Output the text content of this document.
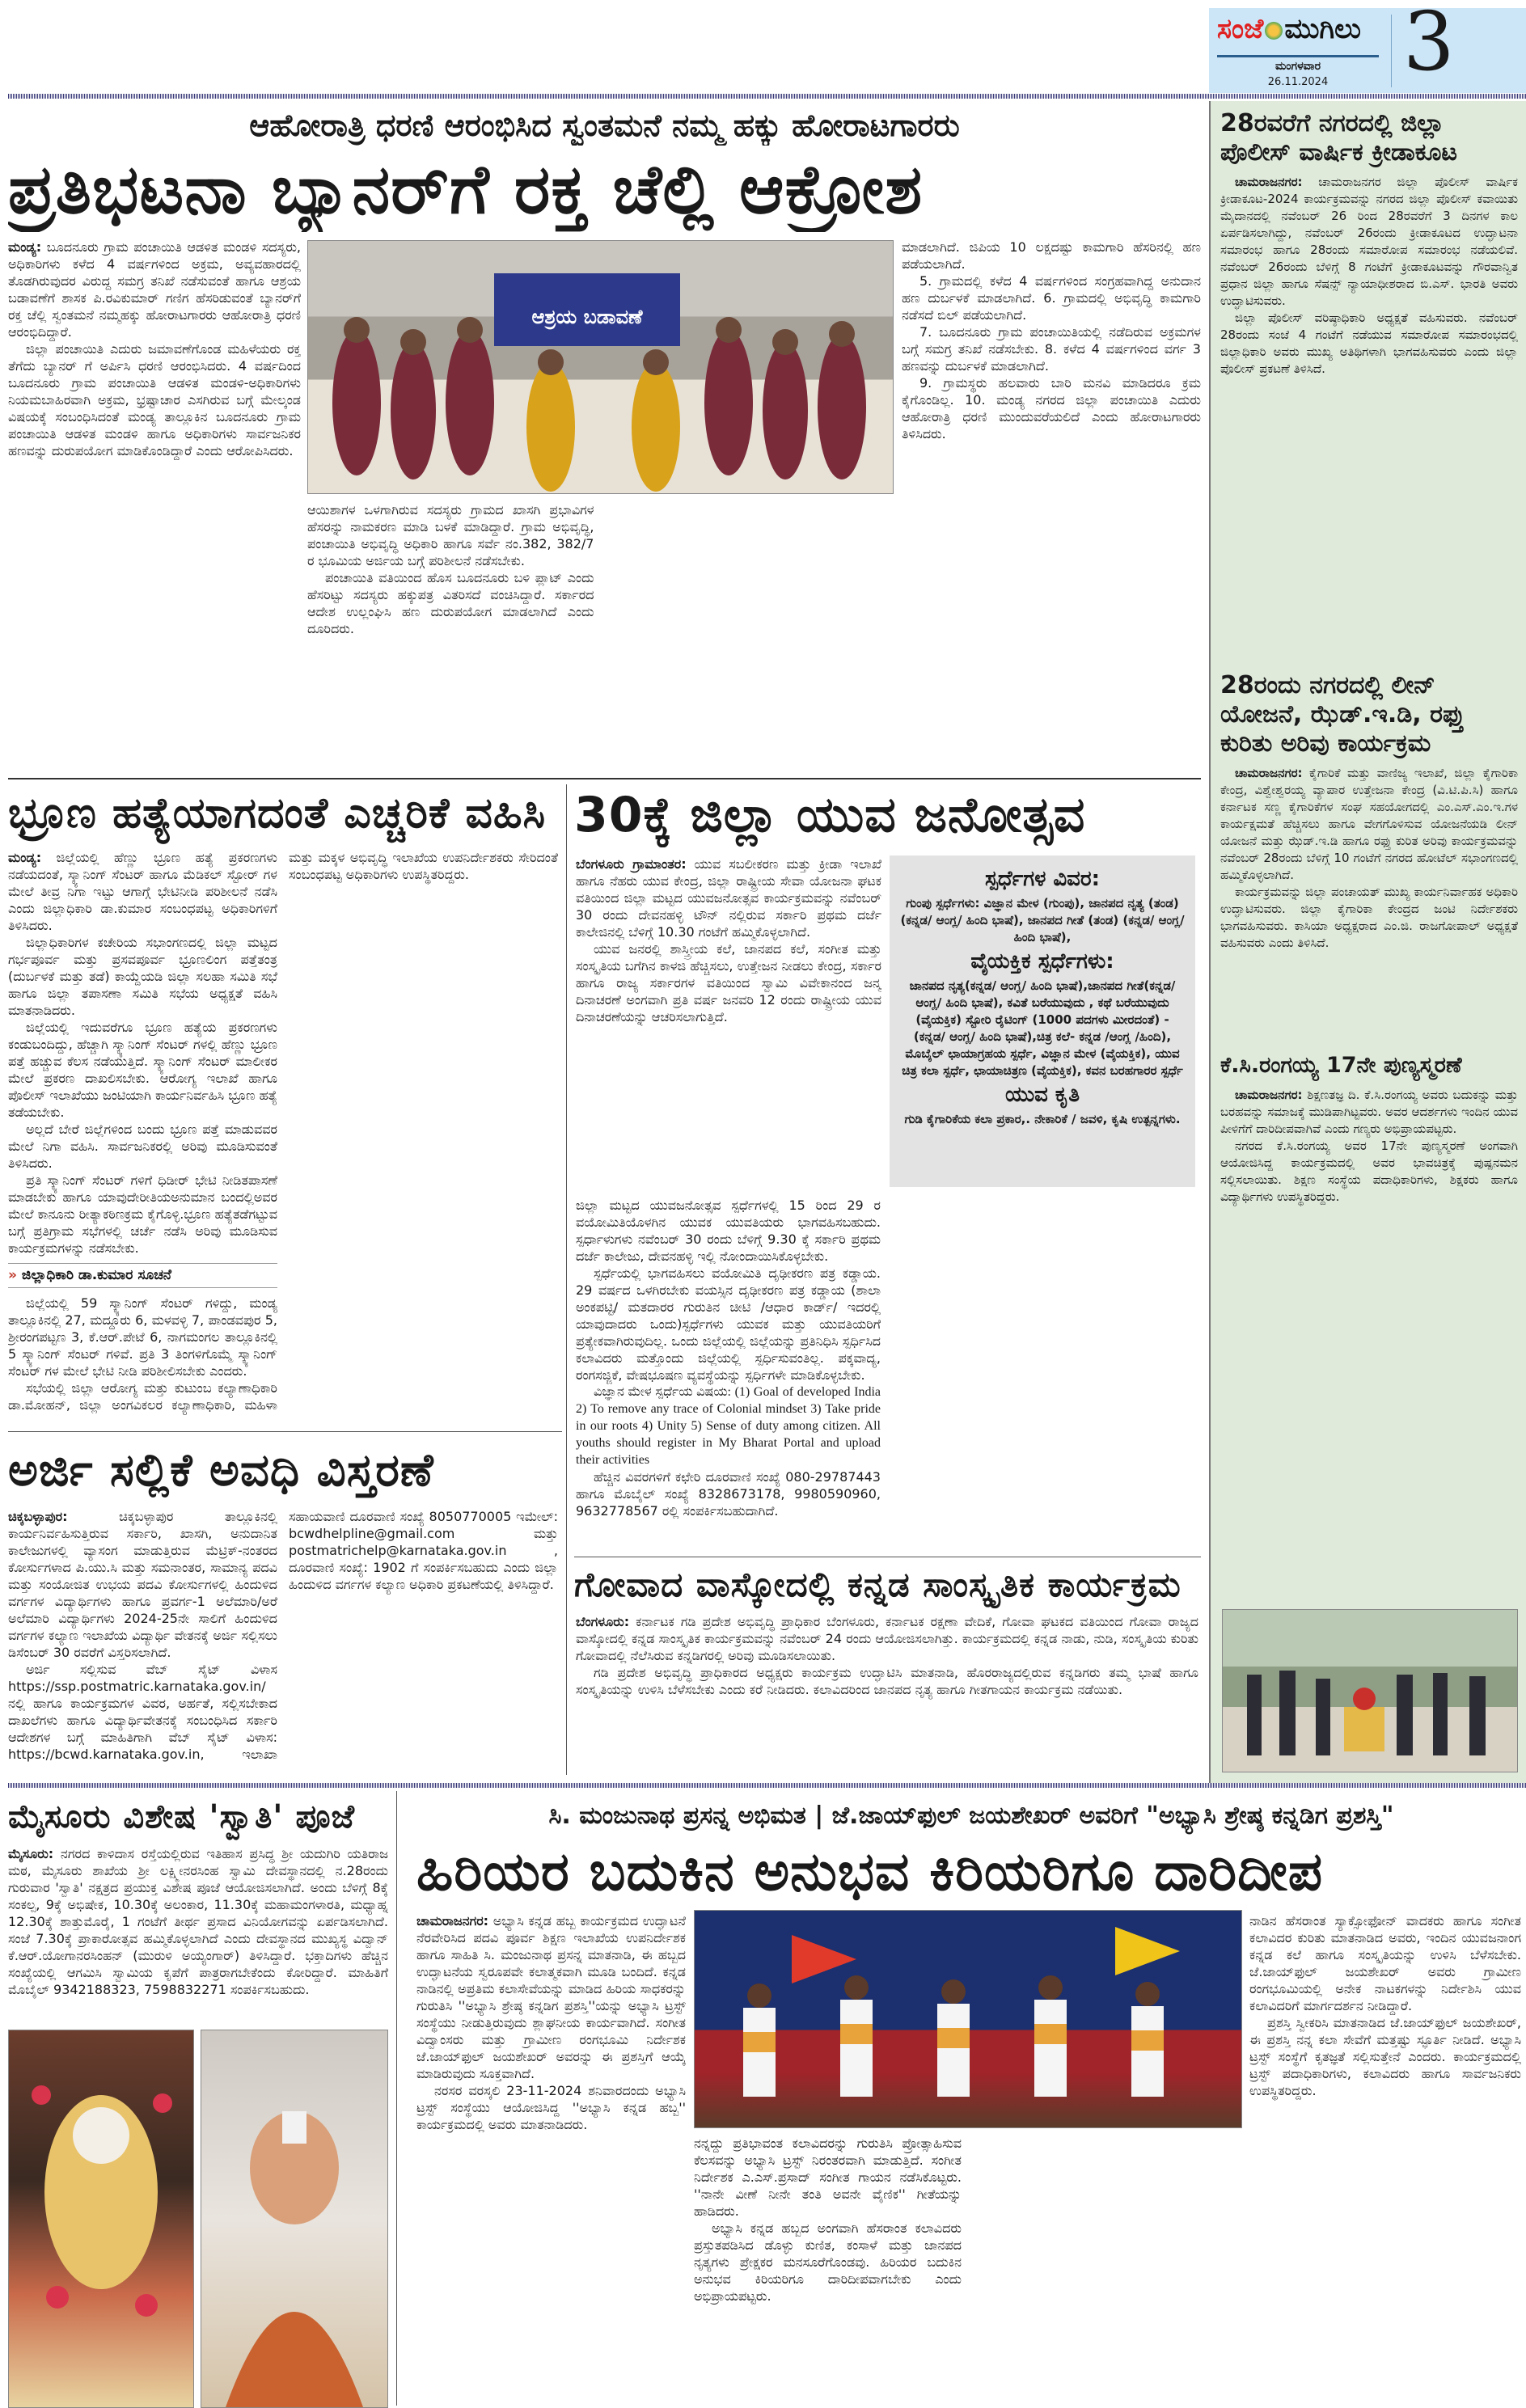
ಸಂಜೆ ಮುಗಿಲು
ಮಂಗಳವಾರ
26.11.2024 3
28ರವರೆಗೆ ನಗರದಲ್ಲಿ ಜಿಲ್ಲಾ ಪೊಲೀಸ್ ವಾರ್ಷಿಕ ಕ್ರೀಡಾಕೂಟ

ಚಾಮರಾಜನಗರ: ಚಾಮರಾಜನಗರ ಜಿಲ್ಲಾ ಪೊಲೀಸ್ ವಾರ್ಷಿಕ ಕ್ರೀಡಾಕೂಟ-2024 ಕಾರ್ಯಕ್ರಮವನ್ನು ನಗರದ ಜಿಲ್ಲಾ ಪೊಲೀಸ್ ಕವಾಯಿತು ಮೈದಾನದಲ್ಲಿ ನವೆಂಬರ್ 26 ರಿಂದ 28ರವರೆಗೆ 3 ದಿನಗಳ ಕಾಲ ಏರ್ಪಡಿಸಲಾಗಿದ್ದು, ನವೆಂಬರ್ 26ರಂದು ಕ್ರೀಡಾಕೂಟದ ಉದ್ಘಾಟನಾ ಸಮಾರಂಭ ಹಾಗೂ 28ರಂದು ಸಮಾರೋಪ ಸಮಾರಂಭ ನಡೆಯಲಿವೆ. ನವೆಂಬರ್ 26ರಂದು ಬೆಳಿಗ್ಗೆ 8 ಗಂಟೆಗೆ ಕ್ರೀಡಾಕೂಟವನ್ನು ಗೌರವಾನ್ವಿತ ಪ್ರಧಾನ ಜಿಲ್ಲಾ ಹಾಗೂ ಸೆಷನ್ಸ್ ನ್ಯಾಯಾಧೀಶರಾದ ಬಿ.ಎಸ್. ಭಾರತಿ ಅವರು ಉದ್ಘಾಟಿಸುವರು.

ಜಿಲ್ಲಾ ಪೊಲೀಸ್ ವರಿಷ್ಠಾಧಿಕಾರಿ ಅಧ್ಯಕ್ಷತೆ ವಹಿಸುವರು. ನವೆಂಬರ್ 28ರಂದು ಸಂಜೆ 4 ಗಂಟೆಗೆ ನಡೆಯುವ ಸಮಾರೋಪ ಸಮಾರಂಭದಲ್ಲಿ ಜಿಲ್ಲಾಧಿಕಾರಿ ಅವರು ಮುಖ್ಯ ಅತಿಥಿಗಳಾಗಿ ಭಾಗವಹಿಸುವರು ಎಂದು ಜಿಲ್ಲಾ ಪೊಲೀಸ್ ಪ್ರಕಟಣೆ ತಿಳಿಸಿದೆ.

28ರಂದು ನಗರದಲ್ಲಿ ಲೀನ್ ಯೋಜನೆ, ಝೆಡ್.ಇ.ಡಿ, ರಫ್ತು ಕುರಿತು ಅರಿವು ಕಾರ್ಯಕ್ರಮ

ಚಾಮರಾಜನಗರ: ಕೈಗಾರಿಕೆ ಮತ್ತು ವಾಣಿಜ್ಯ ಇಲಾಖೆ, ಜಿಲ್ಲಾ ಕೈಗಾರಿಕಾ ಕೇಂದ್ರ, ವಿಶ್ವೇಶ್ವರಯ್ಯ ವ್ಯಾಪಾರ ಉತ್ತೇಜನಾ ಕೇಂದ್ರ (ವಿ.ಟಿ.ಪಿ.ಸಿ) ಹಾಗೂ ಕರ್ನಾಟಕ ಸಣ್ಣ ಕೈಗಾರಿಕೆಗಳ ಸಂಘ ಸಹಯೋಗದಲ್ಲಿ ಎಂ.ಎಸ್.ಎಂ.ಇ.ಗಳ ಕಾರ್ಯಕ್ಷಮತೆ ಹೆಚ್ಚಿಸಲು ಹಾಗೂ ವೇಗಗೊಳಿಸುವ ಯೋಜನೆಯಡಿ ಲೀನ್ ಯೋಜನೆ ಮತ್ತು ಝೆಡ್.ಇ.ಡಿ ಹಾಗೂ ರಫ್ತು ಕುರಿತ ಅರಿವು ಕಾರ್ಯಕ್ರಮವನ್ನು ನವೆಂಬರ್ 28ರಂದು ಬೆಳಿಗ್ಗೆ 10 ಗಂಟೆಗೆ ನಗರದ ಹೋಟೆಲ್ ಸಭಾಂಗಣದಲ್ಲಿ ಹಮ್ಮಿಕೊಳ್ಳಲಾಗಿದೆ.

ಕಾರ್ಯಕ್ರಮವನ್ನು ಜಿಲ್ಲಾ ಪಂಚಾಯತ್ ಮುಖ್ಯ ಕಾರ್ಯನಿರ್ವಾಹಕ ಅಧಿಕಾರಿ ಉದ್ಘಾಟಿಸುವರು. ಜಿಲ್ಲಾ ಕೈಗಾರಿಕಾ ಕೇಂದ್ರದ ಜಂಟಿ ನಿರ್ದೇಶಕರು ಭಾಗವಹಿಸುವರು. ಕಾಸಿಯಾ ಅಧ್ಯಕ್ಷರಾದ ಎಂ.ಜಿ. ರಾಜಗೋಪಾಲ್ ಅಧ್ಯಕ್ಷತೆ ವಹಿಸುವರು ಎಂದು ತಿಳಿಸಿದೆ.

ಕೆ.ಸಿ.ರಂಗಯ್ಯ 17ನೇ ಪುಣ್ಯಸ್ಮರಣೆ

ಚಾಮರಾಜನಗರ: ಶಿಕ್ಷಣತಜ್ಞ ದಿ. ಕೆ.ಸಿ.ರಂಗಯ್ಯ ಅವರು ಬದುಕನ್ನು ಮತ್ತು ಬರಹವನ್ನು ಸಮಾಜಕ್ಕೆ ಮುಡಿಪಾಗಿಟ್ಟವರು. ಅವರ ಆದರ್ಶಗಳು ಇಂದಿನ ಯುವ ಪೀಳಿಗೆಗೆ ದಾರಿದೀಪವಾಗಿವೆ ಎಂದು ಗಣ್ಯರು ಅಭಿಪ್ರಾಯಪಟ್ಟರು.

ನಗರದ ಕೆ.ಸಿ.ರಂಗಯ್ಯ ಅವರ 17ನೇ ಪುಣ್ಯಸ್ಮರಣೆ ಅಂಗವಾಗಿ ಆಯೋಜಿಸಿದ್ದ ಕಾರ್ಯಕ್ರಮದಲ್ಲಿ ಅವರ ಭಾವಚಿತ್ರಕ್ಕೆ ಪುಷ್ಪನಮನ ಸಲ್ಲಿಸಲಾಯಿತು. ಶಿಕ್ಷಣ ಸಂಸ್ಥೆಯ ಪದಾಧಿಕಾರಿಗಳು, ಶಿಕ್ಷಕರು ಹಾಗೂ ವಿದ್ಯಾರ್ಥಿಗಳು ಉಪಸ್ಥಿತರಿದ್ದರು.

ಆಹೋರಾತ್ರಿ ಧರಣಿ ಆರಂಭಿಸಿದ ಸ್ವಂತಮನೆ ನಮ್ಮ ಹಕ್ಕು ಹೋರಾಟಗಾರರು
ಪ್ರತಿಭಟನಾ ಬ್ಯಾನರ್‌ಗೆ ರಕ್ತ ಚೆಲ್ಲಿ ಆಕ್ರೋಶ

ಮಂಡ್ಯ: ಬೂದನೂರು ಗ್ರಾಮ ಪಂಚಾಯಿತಿ ಆಡಳಿತ ಮಂಡಳಿ ಸದಸ್ಯರು, ಅಧಿಕಾರಿಗಳು ಕಳೆದ 4 ವರ್ಷಗಳಿಂದ ಅಕ್ರಮ, ಅವ್ಯವಹಾರದಲ್ಲಿ ತೊಡಗಿರುವುದರ ವಿರುದ್ದ ಸಮಗ್ರ ತನಿಖೆ ನಡೆಸುವಂತೆ ಹಾಗೂ ಆಶ್ರಯ ಬಡಾವಣೆಗೆ ಶಾಸಕ ಪಿ.ರವಿಕುಮಾರ್ ಗಣಿಗ ಹೆಸರಿಡುವಂತೆ ಬ್ಯಾನರ್‌ಗೆ ರಕ್ತ ಚೆಲ್ಲಿ ಸ್ವಂತಮನೆ ನಮ್ಮಹಕ್ಕು ಹೋರಾಟಗಾರರು ಆಹೋರಾತ್ರಿ ಧರಣಿ ಆರಂಭಿದಿದ್ದಾರೆ.

ಜಿಲ್ಲಾ ಪಂಚಾಯಿತಿ ಎದುರು ಜಮಾವಣೆಗೊಂಡ ಮಹಿಳೆಯರು ರಕ್ತ ತೆಗೆದು ಬ್ಯಾನರ್ ಗೆ ಅರ್ಪಿಸಿ ಧರಣಿ ಆರಂಭಿಸಿದರು. 4 ವರ್ಷದಿಂದ ಬೂದನೂರು ಗ್ರಾಮ ಪಂಚಾಯಿತಿ ಆಡಳಿತ ಮಂಡಳಿ-ಅಧಿಕಾರಿಗಳು ನಿಯಮಬಾಹಿರವಾಗಿ ಅಕ್ರಮ, ಭ್ರಷ್ಟಾಚಾರ ಎಸಗಿರುವ ಬಗ್ಗೆ ಮೇಲ್ಕಂಡ ವಿಷಯಕ್ಕೆ ಸಂಬಂಧಿಸಿದಂತೆ ಮಂಡ್ಯ ತಾಲ್ಲೂಕಿನ ಬೂದನೂರು ಗ್ರಾಮ ಪಂಚಾಯಿತಿ ಆಡಳಿತ ಮಂಡಳಿ ಹಾಗೂ ಅಧಿಕಾರಿಗಳು ಸಾರ್ವಜನಿಕರ ಹಣವನ್ನು ದುರುಪಯೋಗ ಮಾಡಿಕೊಂಡಿದ್ದಾರೆ ಎಂದು ಆರೋಪಿಸಿದರು.

ಆಶ್ರಯ ಬಡಾವಣೆ

ಆಯಿಶಾಗಳ ಒಳಗಾಗಿರುವ ಸದಸ್ಯರು ಗ್ರಾಮದ ಖಾಸಗಿ ಪ್ರಭಾವಿಗಳ ಹೆಸರನ್ನು ನಾಮಕರಣ ಮಾಡಿ ಬಳಕೆ ಮಾಡಿದ್ದಾರೆ. ಗ್ರಾಮ ಅಭಿವೃದ್ಧಿ, ಪಂಚಾಯಿತಿ ಅಭಿವೃದ್ಧಿ ಅಧಿಕಾರಿ ಹಾಗೂ ಸರ್ವೆ ನಂ.382, 382/7 ರ ಭೂಮಿಯ ಅರ್ಜಿಯ ಬಗ್ಗೆ ಪರಿಶೀಲನೆ ನಡೆಸಬೇಕು.

ಪಂಚಾಯಿತಿ ವತಿಯಿಂದ ಹೊಸ ಬೂದನೂರು ಬಳಿ ಪ್ಲಾಟ್ ಎಂದು ಹೆಸರಿಟ್ಟು ಸದಸ್ಯರು ಹಕ್ಕುಪತ್ರ ವಿತರಿಸದೆ ವಂಚಿಸಿದ್ದಾರೆ. ಸರ್ಕಾರದ ಆದೇಶ ಉಲ್ಲಂಘಿಸಿ ಹಣ ದುರುಪಯೋಗ ಮಾಡಲಾಗಿದೆ ಎಂದು ದೂರಿದರು.

ಮಾಡಲಾಗಿದೆ. ಜಿಪಿಯ 10 ಲಕ್ಷದಷ್ಟು ಕಾಮಗಾರಿ ಹೆಸರಿನಲ್ಲಿ ಹಣ ಪಡೆಯಲಾಗಿದೆ.

5. ಗ್ರಾಮದಲ್ಲಿ ಕಳೆದ 4 ವರ್ಷಗಳಿಂದ ಸಂಗ್ರಹವಾಗಿದ್ದ ಅನುದಾನ ಹಣ ದುರ್ಬಳಕೆ ಮಾಡಲಾಗಿದೆ. 6. ಗ್ರಾಮದಲ್ಲಿ ಅಭಿವೃದ್ಧಿ ಕಾಮಗಾರಿ ನಡೆಸದೆ ಬಿಲ್ ಪಡೆಯಲಾಗಿದೆ.

7. ಬೂದನೂರು ಗ್ರಾಮ ಪಂಚಾಯಿತಿಯಲ್ಲಿ ನಡೆದಿರುವ ಅಕ್ರಮಗಳ ಬಗ್ಗೆ ಸಮಗ್ರ ತನಿಖೆ ನಡೆಸಬೇಕು. 8. ಕಳೆದ 4 ವರ್ಷಗಳಿಂದ ವರ್ಗ 3 ಹಣವನ್ನು ದುರ್ಬಳಕೆ ಮಾಡಲಾಗಿದೆ.

9. ಗ್ರಾಮಸ್ಥರು ಹಲವಾರು ಬಾರಿ ಮನವಿ ಮಾಡಿದರೂ ಕ್ರಮ ಕೈಗೊಂಡಿಲ್ಲ. 10. ಮಂಡ್ಯ ನಗರದ ಜಿಲ್ಲಾ ಪಂಚಾಯಿತಿ ಎದುರು ಆಹೋರಾತ್ರಿ ಧರಣಿ ಮುಂದುವರೆಯಲಿದೆ ಎಂದು ಹೋರಾಟಗಾರರು ತಿಳಿಸಿದರು.

ಭ್ರೂಣ ಹತ್ಯೆಯಾಗದಂತೆ ಎಚ್ಚರಿಕೆ ವಹಿಸಿ

ಮಂಡ್ಯ: ಜಿಲ್ಲೆಯಲ್ಲಿ ಹೆಣ್ಣು ಭ್ರೂಣ ಹತ್ಯೆ ಪ್ರಕರಣಗಳು ನಡೆಯದಂತೆ, ಸ್ಕ್ಯಾನಿಂಗ್ ಸೆಂಟರ್ ಹಾಗೂ ಮೆಡಿಕಲ್ ಸ್ಟೋರ್ ಗಳ ಮೇಲೆ ತೀವ್ರ ನಿಗಾ ಇಟ್ಟು ಆಗಾಗ್ಗೆ ಭೇಟಿನೀಡಿ ಪರಿಶೀಲನೆ ನಡೆಸಿ ಎಂದು ಜಿಲ್ಲಾಧಿಕಾರಿ ಡಾ.ಕುಮಾರ ಸಂಬಂಧಪಟ್ಟ ಅಧಿಕಾರಿಗಳಿಗೆ ತಿಳಿಸಿದರು.

ಜಿಲ್ಲಾಧಿಕಾರಿಗಳ ಕಚೇರಿಯ ಸಭಾಂಗಣದಲ್ಲಿ ಜಿಲ್ಲಾ ಮಟ್ಟದ ಗರ್ಭಪೂರ್ವ ಮತ್ತು ಪ್ರಸವಪೂರ್ವ ಭ್ರೂಣಲಿಂಗ ಪತ್ತೆತಂತ್ರ (ದುರ್ಬಳಕೆ ಮತ್ತು ತಡೆ) ಕಾಯ್ದೆಯಡಿ ಜಿಲ್ಲಾ ಸಲಹಾ ಸಮಿತಿ ಸಭೆ ಹಾಗೂ ಜಿಲ್ಲಾ ತಪಾಸಣಾ ಸಮಿತಿ ಸಭೆಯ ಅಧ್ಯಕ್ಷತೆ ವಹಿಸಿ ಮಾತನಾಡಿದರು.

ಜಿಲ್ಲೆಯಲ್ಲಿ ಇದುವರೆಗೂ ಭ್ರೂಣ ಹತ್ಯೆಯ ಪ್ರಕರಣಗಳು ಕಂಡುಬಂದಿದ್ದು, ಹೆಚ್ಚಾಗಿ ಸ್ಕ್ಯಾನಿಂಗ್ ಸೆಂಟರ್ ಗಳಲ್ಲಿ ಹೆಣ್ಣು ಭ್ರೂಣ ಪತ್ತೆ ಹಚ್ಚುವ ಕೆಲಸ ನಡೆಯುತ್ತಿದೆ. ಸ್ಕ್ಯಾನಿಂಗ್ ಸೆಂಟರ್ ಮಾಲೀಕರ ಮೇಲೆ ಪ್ರಕರಣ ದಾಖಲಿಸಬೇಕು. ಆರೋಗ್ಯ ಇಲಾಖೆ ಹಾಗೂ ಪೊಲೀಸ್ ಇಲಾಖೆಯು ಜಂಟಿಯಾಗಿ ಕಾರ್ಯನಿರ್ವಹಿಸಿ ಭ್ರೂಣ ಹತ್ಯೆ ತಡೆಯಬೇಕು.

ಅಲ್ಲದೆ ಬೇರೆ ಜಿಲ್ಲೆಗಳಿಂದ ಬಂದು ಭ್ರೂಣ ಪತ್ತೆ ಮಾಡುವವರ ಮೇಲೆ ನಿಗಾ ವಹಿಸಿ. ಸಾರ್ವಜನಿಕರಲ್ಲಿ ಅರಿವು ಮೂಡಿಸುವಂತೆ ತಿಳಿಸಿದರು.

ಪ್ರತಿ ಸ್ಕ್ಯಾನಿಂಗ್ ಸೆಂಟರ್ ಗಳಿಗೆ ಧಿಡೀರ್ ಭೇಟಿ ನೀಡಿತಪಾಸಣೆ ಮಾಡಬೇಕು ಹಾಗೂ ಯಾವುದೇರೀತಿಯಅನುಮಾನ ಬಂದಲ್ಲಿಅವರ ಮೇಲೆ ಕಾನೂನು ರೀತ್ಯಾಕಠಿಣಕ್ರಮ ಕೈಗೊಳ್ಳಿ.ಭ್ರೂಣ ಹತ್ಯೆತಡೆಗಟ್ಟುವ ಬಗ್ಗೆ ಪ್ರತಿಗ್ರಾಮ ಸಭೆಗಳಲ್ಲಿ ಚರ್ಚೆ ನಡೆಸಿ ಅರಿವು ಮೂಡಿಸುವ ಕಾರ್ಯಕ್ರಮಗಳನ್ನು ನಡೆಸಬೇಕು.

» ಜಿಲ್ಲಾಧಿಕಾರಿ ಡಾ.ಕುಮಾರ ಸೂಚನೆ

ಜಿಲ್ಲೆಯಲ್ಲಿ 59 ಸ್ಕ್ಯಾನಿಂಗ್ ಸೆಂಟರ್ ಗಳಿದ್ದು, ಮಂಡ್ಯ ತಾಲ್ಲೂಕಿನಲ್ಲಿ 27, ಮದ್ದೂರು 6, ಮಳವಳ್ಳಿ 7, ಪಾಂಡವಪುರ 5, ಶ್ರೀರಂಗಪಟ್ಟಣ 3, ಕೆ.ಆರ್.ಪೇಟೆ 6, ನಾಗಮಂಗಲ ತಾಲ್ಲೂಕಿನಲ್ಲಿ 5 ಸ್ಕ್ಯಾನಿಂಗ್ ಸೆಂಟರ್ ಗಳಿವೆ. ಪ್ರತಿ 3 ತಿಂಗಳಿಗೊಮ್ಮೆ ಸ್ಕ್ಯಾನಿಂಗ್ ಸೆಂಟರ್ ಗಳ ಮೇಲೆ ಭೇಟಿ ನೀಡಿ ಪರಿಶೀಲಿಸಬೇಕು ಎಂದರು.

ಸಭೆಯಲ್ಲಿ ಜಿಲ್ಲಾ ಆರೋಗ್ಯ ಮತ್ತು ಕುಟುಂಬ ಕಲ್ಯಾಣಾಧಿಕಾರಿ ಡಾ.ಮೋಹನ್, ಜಿಲ್ಲಾ ಅಂಗವಿಕಲರ ಕಲ್ಯಾಣಾಧಿಕಾರಿ, ಮಹಿಳಾ ಮತ್ತು ಮಕ್ಕಳ ಅಭಿವೃದ್ಧಿ ಇಲಾಖೆಯ ಉಪನಿರ್ದೇಶಕರು ಸೇರಿದಂತೆ ಸಂಬಂಧಪಟ್ಟ ಅಧಿಕಾರಿಗಳು ಉಪಸ್ಥಿತರಿದ್ದರು.

ಅರ್ಜಿ ಸಲ್ಲಿಕೆ ಅವಧಿ ವಿಸ್ತರಣೆ

ಚಿಕ್ಕಬಳ್ಳಾಪುರ:	ಚಿಕ್ಕಬಳ್ಳಾಪುರ ತಾಲ್ಲೂಕಿನಲ್ಲಿ ಕಾರ್ಯನಿರ್ವಹಿಸುತ್ತಿರುವ ಸರ್ಕಾರಿ, ಖಾಸಗಿ, ಅನುದಾನಿತ ಕಾಲೇಜುಗಳಲ್ಲಿ ವ್ಯಾಸಂಗ ಮಾಡುತ್ತಿರುವ ಮೆಟ್ರಿಕ್-ನಂತರದ ಕೋರ್ಸುಗಳಾದ ಪಿ.ಯು.ಸಿ ಮತ್ತು ಸಮನಾಂತರ, ಸಾಮಾನ್ಯ ಪದವಿ ಮತ್ತು ಸಂಯೋಜಿತ ಉಭಯ ಪದವಿ ಕೋರ್ಸುಗಳಲ್ಲಿ ಹಿಂದುಳಿದ ವರ್ಗಗಳ ವಿದ್ಯಾರ್ಥಿಗಳು ಹಾಗೂ ಪ್ರವರ್ಗ-1 ಅಲೆಮಾರಿ/ಅರೆ ಅಲೆಮಾರಿ ವಿದ್ಯಾರ್ಥಿಗಳು 2024-25ನೇ ಸಾಲಿಗೆ ಹಿಂದುಳಿದ ವರ್ಗಗಳ ಕಲ್ಯಾಣ ಇಲಾಖೆಯ ವಿದ್ಯಾರ್ಥಿ ವೇತನಕ್ಕೆ ಅರ್ಜಿ ಸಲ್ಲಿಸಲು ಡಿಸೆಂಬರ್ 30 ರವರೆಗೆ ವಿಸ್ತರಿಸಲಾಗಿದೆ.

ಅರ್ಜಿ ಸಲ್ಲಿಸುವ ವೆಬ್ ಸೈಟ್ ವಿಳಾಸ https://ssp.postmatric.karnataka.gov.in/ ನಲ್ಲಿ ಹಾಗೂ ಕಾರ್ಯಕ್ರಮಗಳ ವಿವರ, ಅರ್ಹತೆ, ಸಲ್ಲಿಸಬೇಕಾದ ದಾಖಲೆಗಳು ಹಾಗೂ ವಿದ್ಯಾರ್ಥಿವೇತನಕ್ಕೆ ಸಂಬಂಧಿಸಿದ ಸರ್ಕಾರಿ ಆದೇಶಗಳ ಬಗ್ಗೆ ಮಾಹಿತಿಗಾಗಿ ವೆಬ್ ಸೈಟ್ ವಿಳಾಸ: https://bcwd.karnataka.gov.in, ಇಲಾಖಾ ಸಹಾಯವಾಣಿ ದೂರವಾಣಿ ಸಂಖ್ಯೆ 8050770005 ಇಮೇಲ್: bcwdhelpline@gmail.com ಮತ್ತು postmatrichelp@karnataka.gov.in , ದೂರವಾಣಿ ಸಂಖ್ಯೆ: 1902 ಗೆ ಸಂಪರ್ಕಿಸಬಹುದು ಎಂದು ಜಿಲ್ಲಾ ಹಿಂದುಳಿದ ವರ್ಗಗಳ ಕಲ್ಯಾಣ ಅಧಿಕಾರಿ ಪ್ರಕಟಣೆಯಲ್ಲಿ ತಿಳಿಸಿದ್ದಾರೆ.

30ಕ್ಕೆ ಜಿಲ್ಲಾ ಯುವ ಜನೋತ್ಸವ
ಸ್ಪರ್ಧೆಗಳ ವಿವರ:
ಗುಂಪು ಸ್ಪರ್ಧೆಗಳು: ವಿಜ್ಞಾನ ಮೇಳ (ಗುಂಪು), ಜಾನಪದ ನೃತ್ಯ (ತಂಡ) (ಕನ್ನಡ/ ಆಂಗ್ಲ/ ಹಿಂದಿ ಭಾಷೆ), ಜಾನಪದ ಗೀತೆ (ತಂಡ) (ಕನ್ನಡ/ ಆಂಗ್ಲ/ ಹಿಂದಿ ಭಾಷೆ),
ವೈಯಕ್ತಿಕ ಸ್ಪರ್ಧೆಗಳು:
ಜಾನಪದ ನೃತ್ಯ(ಕನ್ನಡ/ ಆಂಗ್ಲ/ ಹಿಂದಿ ಭಾಷೆ),ಜಾನಪದ ಗೀತೆ(ಕನ್ನಡ/ ಆಂಗ್ಲ/ ಹಿಂದಿ ಭಾಷೆ), ಕವಿತೆ ಬರೆಯುವುದು , ಕಥೆ ಬರೆಯುವುದು (ವೈಯಕ್ತಿಕ) ಸ್ಟೋರಿ ರೈಟಿಂಗ್ (1000 ಪದಗಳು ಮೀರದಂತೆ) - (ಕನ್ನಡ/ ಆಂಗ್ಲ/ ಹಿಂದಿ ಭಾಷೆ),ಚಿತ್ರ ಕಲೆ- ಕನ್ನಡ /ಆಂಗ್ಲ /ಹಿಂದಿ), ಮೊಬೈಲ್ ಛಾಯಾಗ್ರಹಯ ಸ್ಪರ್ಧೆ, ವಿಜ್ಞಾನ ಮೇಳ (ವೈಯಕ್ತಿಕ), ಯುವ ಚಿತ್ರ ಕಲಾ ಸ್ಪರ್ಧೆ, ಛಾಯಾಚಿತ್ರಣ (ವೈಯಕ್ತಿಕ), ಕವನ ಬರಹಗಾರರ ಸ್ಪರ್ಧೆ
ಯುವ ಕೃತಿ
ಗುಡಿ ಕೈಗಾರಿಕೆಯ ಕಲಾ ಪ್ರಕಾರ,. ನೇಕಾರಿಕೆ / ಜವಳಿ, ಕೃಷಿ ಉತ್ಪನ್ನಗಳು.

ಬೆಂಗಳೂರು ಗ್ರಾಮಾಂತರ: ಯುವ ಸಬಲೀಕರಣ ಮತ್ತು ಕ್ರೀಡಾ ಇಲಾಖೆ ಹಾಗೂ ನೆಹರು ಯುವ ಕೇಂದ್ರ, ಜಿಲ್ಲಾ ರಾಷ್ಟ್ರೀಯ ಸೇವಾ ಯೋಜನಾ ಘಟಕ ವತಿಯಿಂದ ಜಿಲ್ಲಾ ಮಟ್ಟದ ಯುವಜನೋತ್ಸವ ಕಾರ್ಯಕ್ರಮವನ್ನು ನವೆಂಬರ್ 30 ರಂದು ದೇವನಹಳ್ಳಿ ಟೌನ್ ನಲ್ಲಿರುವ ಸರ್ಕಾರಿ ಪ್ರಥಮ ದರ್ಜೆ ಕಾಲೇಜಿನಲ್ಲಿ ಬೆಳಿಗ್ಗೆ 10.30 ಗಂಟೆಗೆ ಹಮ್ಮಿಕೊಳ್ಳಲಾಗಿದೆ.

ಯುವ ಜನರಲ್ಲಿ ಶಾಸ್ತ್ರೀಯ ಕಲೆ, ಜಾನಪದ ಕಲೆ, ಸಂಗೀತ ಮತ್ತು ಸಂಸ್ಕೃತಿಯ ಬಗೆಗಿನ ಕಾಳಜಿ ಹೆಚ್ಚಿಸಲು, ಉತ್ತೇಜನ ನೀಡಲು ಕೇಂದ್ರ, ಸರ್ಕಾರ ಹಾಗೂ ರಾಜ್ಯ ಸರ್ಕಾರಗಳ ವತಿಯಿಂದ ಸ್ವಾಮಿ ವಿವೇಕಾನಂದ ಜನ್ಮ ದಿನಾಚರಣೆ ಅಂಗವಾಗಿ ಪ್ರತಿ ವರ್ಷ ಜನವರಿ 12 ರಂದು ರಾಷ್ಟ್ರೀಯ ಯುವ ದಿನಾಚರಣೆಯನ್ನು ಆಚರಿಸಲಾಗುತ್ತಿದೆ.

ಜಿಲ್ಲಾ ಮಟ್ಟದ ಯುವಜನೋತ್ಸವ ಸ್ಪರ್ಧೆಗಳಲ್ಲಿ 15 ರಿಂದ 29 ರ ವಯೋಮಿತಿಯೊಳಗಿನ ಯುವಕ ಯುವತಿಯರು ಭಾಗವಹಿಸಬಹುದು. ಸ್ಪರ್ಧಾಳುಗಳು ನವೆಂಬರ್ 30 ರಂದು ಬೆಳಿಗ್ಗೆ 9.30 ಕ್ಕೆ ಸರ್ಕಾರಿ ಪ್ರಥಮ ದರ್ಜೆ ಕಾಲೇಜು, ದೇವನಹಳ್ಳಿ ಇಲ್ಲಿ ನೋಂದಾಯಿಸಿಕೊಳ್ಳಬೇಕು.

ಸ್ಪರ್ಧೆಯಲ್ಲಿ ಭಾಗವಹಿಸಲು ವಯೋಮಿತಿ ದೃಢೀಕರಣ ಪತ್ರ ಕಡ್ಡಾಯ. 29 ವರ್ಷದ ಒಳಗಿರಬೇಕು ವಯಸ್ಸಿನ ದೃಢೀಕರಣ ಪತ್ರ ಕಡ್ಡಾಯ (ಶಾಲಾ ಅಂಕಪಟ್ಟಿ/ ಮತದಾರರ ಗುರುತಿನ ಚೀಟಿ /ಆಧಾರ ಕಾರ್ಡ್/ ಇದರಲ್ಲಿ ಯಾವುದಾದರು ಒಂದು)ಸ್ಪರ್ಧೆಗಳು ಯುವಕ ಮತ್ತು ಯುವತಿಯರಿಗೆ ಪ್ರತ್ಯೇಕವಾಗಿರುವುದಿಲ್ಲ. ಒಂದು ಜಿಲ್ಲೆಯಲ್ಲಿ ಜಿಲ್ಲೆಯನ್ನು ಪ್ರತಿನಿಧಿಸಿ ಸ್ಪರ್ಧಿಸಿದ ಕಲಾವಿದರು ಮತ್ತೊಂದು ಜಿಲ್ಲೆಯಲ್ಲಿ ಸ್ಪರ್ಧಿಸುವಂತಿಲ್ಲ. ಪಕ್ಕವಾದ್ಯ, ರಂಗಸಜ್ಜಿಕೆ, ವೇಷಭೂಷಣ ವ್ಯವಸ್ಥೆಯನ್ನು ಸ್ಪರ್ಧಿಗಳೇ ಮಾಡಿಕೊಳ್ಳಬೇಕು.

ವಿಜ್ಞಾನ ಮೇಳ ಸ್ಪರ್ಧೆಯ ವಿಷಯ: (1) Goal of developed India 2) To remove any trace of Colonial mindset 3) Take pride in our roots 4) Unity 5) Sense of duty among citizen. All youths should register in My Bharat Portal and upload their activities

ಹೆಚ್ಚಿನ ವಿವರಗಳಿಗೆ ಕಛೇರಿ ದೂರವಾಣಿ ಸಂಖ್ಯೆ 080-29787443 ಹಾಗೂ ಮೊಬೈಲ್ ಸಂಖ್ಯೆ 8328673178, 9980590960, 9632778567 ರಲ್ಲಿ ಸಂಪರ್ಕಿಸಬಹುದಾಗಿದೆ.

ಗೋವಾದ ವಾಸ್ಕೋದಲ್ಲಿ ಕನ್ನಡ ಸಾಂಸ್ಕೃತಿಕ ಕಾರ್ಯಕ್ರಮ

ಬೆಂಗಳೂರು: ಕರ್ನಾಟಕ ಗಡಿ ಪ್ರದೇಶ ಅಭಿವೃದ್ಧಿ ಪ್ರಾಧಿಕಾರ ಬೆಂಗಳೂರು, ಕರ್ನಾಟಕ ರಕ್ಷಣಾ ವೇದಿಕೆ, ಗೋವಾ ಘಟಕದ ವತಿಯಿಂದ ಗೋವಾ ರಾಜ್ಯದ ವಾಸ್ಕೋದಲ್ಲಿ ಕನ್ನಡ ಸಾಂಸ್ಕೃತಿಕ ಕಾರ್ಯಕ್ರಮವನ್ನು ನವೆಂಬರ್ 24 ರಂದು ಆಯೋಜಿಸಲಾಗಿತ್ತು. ಕಾರ್ಯಕ್ರಮದಲ್ಲಿ ಕನ್ನಡ ನಾಡು, ನುಡಿ, ಸಂಸ್ಕೃತಿಯ ಕುರಿತು ಗೋವಾದಲ್ಲಿ ನೆಲೆಸಿರುವ ಕನ್ನಡಿಗರಲ್ಲಿ ಅರಿವು ಮೂಡಿಸಲಾಯಿತು.

ಗಡಿ ಪ್ರದೇಶ ಅಭಿವೃದ್ಧಿ ಪ್ರಾಧಿಕಾರದ ಅಧ್ಯಕ್ಷರು ಕಾರ್ಯಕ್ರಮ ಉದ್ಘಾಟಿಸಿ ಮಾತನಾಡಿ, ಹೊರರಾಜ್ಯದಲ್ಲಿರುವ ಕನ್ನಡಿಗರು ತಮ್ಮ ಭಾಷೆ ಹಾಗೂ ಸಂಸ್ಕೃತಿಯನ್ನು ಉಳಿಸಿ ಬೆಳೆಸಬೇಕು ಎಂದು ಕರೆ ನೀಡಿದರು. ಕಲಾವಿದರಿಂದ ಜಾನಪದ ನೃತ್ಯ ಹಾಗೂ ಗೀತಗಾಯನ ಕಾರ್ಯಕ್ರಮ ನಡೆಯಿತು.

ಮೈಸೂರು ವಿಶೇಷ 'ಸ್ವಾತಿ' ಪೂಜೆ

ಮೈಸೂರು: ನಗರದ ಕಾಳಿದಾಸ ರಸ್ತೆಯಲ್ಲಿರುವ ಇತಿಹಾಸ ಪ್ರಸಿದ್ಧ ಶ್ರೀ ಯದುಗಿರಿ ಯತಿರಾಜ ಮಠ, ಮೈಸೂರು ಶಾಖೆಯ ಶ್ರೀ ಲಕ್ಷ್ಮೀನರಸಿಂಹ ಸ್ವಾಮಿ ದೇವಸ್ಥಾನದಲ್ಲಿ ನ.28ರಂದು ಗುರುವಾರ 'ಸ್ವಾತಿ' ನಕ್ಷತ್ರದ ಪ್ರಯುಕ್ತ ವಿಶೇಷ ಪೂಜೆ ಆಯೋಜಿಸಲಾಗಿದೆ. ಅಂದು ಬೆಳಿಗ್ಗೆ 8ಕ್ಕೆ ಸಂಕಲ್ಪ, 9ಕ್ಕೆ ಅಭಿಷೇಕ, 10.30ಕ್ಕೆ ಅಲಂಕಾರ, 11.30ಕ್ಕೆ ಮಹಾಮಂಗಳಾರತಿ, ಮಧ್ಯಾಹ್ನ 12.30ಕ್ಕೆ ಶಾತ್ತುಮೊರೈ, 1 ಗಂಟೆಗೆ ತೀರ್ಥ ಪ್ರಸಾದ ವಿನಿಯೋಗವನ್ನು ಏರ್ಪಡಿಸಲಾಗಿದೆ. ಸಂಜೆ 7.30ಕ್ಕೆ ಪ್ರಾಕಾರೋತ್ಸವ ಹಮ್ಮಿಕೊಳ್ಳಲಾಗಿದೆ ಎಂದು ದೇವಸ್ಥಾನದ ಮುಖ್ಯಸ್ಥ ವಿದ್ವಾನ್ ಕೆ.ಆರ್.ಯೋಗಾನರಸಿಂಹನ್ (ಮುರುಳಿ ಅಯ್ಯಂಗಾರ್) ತಿಳಿಸಿದ್ದಾರೆ. ಭಕ್ತಾದಿಗಳು ಹೆಚ್ಚಿನ ಸಂಖ್ಯೆಯಲ್ಲಿ ಆಗಮಿಸಿ ಸ್ವಾಮಿಯ ಕೃಪೆಗೆ ಪಾತ್ರರಾಗಬೇಕೆಂದು ಕೋರಿದ್ದಾರೆ. ಮಾಹಿತಿಗೆ ಮೊಬೈಲ್ 9342188323, 7598832271 ಸಂಪರ್ಕಿಸಬಹುದು.

ಸಿ. ಮಂಜುನಾಥ ಪ್ರಸನ್ನ ಅಭಿಮತ | ಜೆ.ಜಾಯ್‌ಫುಲ್ ಜಯಶೇಖರ್ ಅವರಿಗೆ "ಅಭ್ಯಾಸಿ ಶ್ರೇಷ್ಠ ಕನ್ನಡಿಗ ಪ್ರಶಸ್ತಿ"
ಹಿರಿಯರ ಬದುಕಿನ ಅನುಭವ ಕಿರಿಯರಿಗೂ ದಾರಿದೀಪ

ಚಾಮರಾಜನಗರ: ಅಭ್ಯಾಸಿ ಕನ್ನಡ ಹಬ್ಬ ಕಾರ್ಯಕ್ರಮದ ಉದ್ಘಾಟನೆ ನೆರವೇರಿಸಿದ ಪದವಿ ಪೂರ್ವ ಶಿಕ್ಷಣ ಇಲಾಖೆಯ ಉಪನಿರ್ದೇಶಕ ಹಾಗೂ ಸಾಹಿತಿ ಸಿ. ಮಂಜುನಾಥ ಪ್ರಸನ್ನ ಮಾತನಾಡಿ, ಈ ಹಬ್ಬದ ಉದ್ಘಾಟನೆಯ ಸ್ವರೂಪವೇ ಕಲಾತ್ಮಕವಾಗಿ ಮೂಡಿ ಬಂದಿದೆ. ಕನ್ನಡ ನಾಡಿನಲ್ಲಿ ಅಪ್ರತಿಮ ಕಲಾಸೇವೆಯನ್ನು ಮಾಡಿದ ಹಿರಿಯ ಸಾಧಕರನ್ನು ಗುರುತಿಸಿ ''ಅಭ್ಯಾಸಿ ಶ್ರೇಷ್ಠ ಕನ್ನಡಿಗ ಪ್ರಶಸ್ತಿ''ಯನ್ನು ಅಭ್ಯಾಸಿ ಟ್ರಸ್ಟ್ ಸಂಸ್ಥೆಯು ನೀಡುತ್ತಿರುವುದು ಶ್ಲಾಘನೀಯ ಕಾರ್ಯವಾಗಿದೆ. ಸಂಗೀತ ವಿದ್ವಾಂಸರು ಮತ್ತು ಗ್ರಾಮೀಣ ರಂಗಭೂಮಿ ನಿರ್ದೇಶಕ ಜೆ.ಜಾಯ್‌ಫುಲ್ ಜಯಶೇಖರ್ ಅವರನ್ನು ಈ ಪ್ರಶಸ್ತಿಗೆ ಆಯ್ಕೆ ಮಾಡಿರುವುದು ಸೂಕ್ತವಾಗಿದೆ.

ನರಸರ ವರಸ್ಕಲಿ 23-11-2024 ಶನಿವಾರದಂದು ಅಭ್ಯಾಸಿ ಟ್ರಸ್ಟ್ ಸಂಸ್ಥೆಯು ಆಯೋಜಿಸಿದ್ದ ''ಅಭ್ಯಾಸಿ ಕನ್ನಡ ಹಬ್ಬ'' ಕಾರ್ಯಕ್ರಮದಲ್ಲಿ ಅವರು ಮಾತನಾಡಿದರು.

ನನ್ನದ್ದು ಪ್ರತಿಭಾವಂತ ಕಲಾವಿದರನ್ನು ಗುರುತಿಸಿ ಪ್ರೋತ್ಸಾಹಿಸುವ ಕೆಲಸವನ್ನು ಅಭ್ಯಾಸಿ ಟ್ರಸ್ಟ್ ನಿರಂತರವಾಗಿ ಮಾಡುತ್ತಿದೆ. ಸಂಗೀತ ನಿರ್ದೇಶಕ ಎ.ಎಸ್.ಪ್ರಸಾದ್ ಸಂಗೀತ ಗಾಯನ ನಡೆಸಿಕೊಟ್ಟರು. ''ನಾನೇ ವೀಣೆ ನೀನೇ ತಂತಿ ಅವನೇ ವೈಣಿಕ'' ಗೀತೆಯನ್ನು ಹಾಡಿದರು.

ಅಭ್ಯಾಸಿ ಕನ್ನಡ ಹಬ್ಬದ ಅಂಗವಾಗಿ ಹೆಸರಾಂತ ಕಲಾವಿದರು ಪ್ರಸ್ತುತಪಡಿಸಿದ ಡೊಳ್ಳು ಕುಣಿತ, ಕಂಸಾಳೆ ಮತ್ತು ಜಾನಪದ ನೃತ್ಯಗಳು ಪ್ರೇಕ್ಷಕರ ಮನಸೂರೆಗೊಂಡವು. ಹಿರಿಯರ ಬದುಕಿನ ಅನುಭವ ಕಿರಿಯರಿಗೂ ದಾರಿದೀಪವಾಗಬೇಕು ಎಂದು ಅಭಿಪ್ರಾಯಪಟ್ಟರು.

ನಾಡಿನ ಹೆಸರಾಂತ ಸ್ಯಾಕ್ಸೋಫೋನ್ ವಾದಕರು ಹಾಗೂ ಸಂಗೀತ ಕಲಾವಿದರ ಕುರಿತು ಮಾತನಾಡಿದ ಅವರು, ಇಂದಿನ ಯುವಜನಾಂಗ ಕನ್ನಡ ಕಲೆ ಹಾಗೂ ಸಂಸ್ಕೃತಿಯನ್ನು ಉಳಿಸಿ ಬೆಳೆಸಬೇಕು. ಜೆ.ಜಾಯ್‌ಫುಲ್ ಜಯಶೇಖರ್ ಅವರು ಗ್ರಾಮೀಣ ರಂಗಭೂಮಿಯಲ್ಲಿ ಅನೇಕ ನಾಟಕಗಳನ್ನು ನಿರ್ದೇಶಿಸಿ ಯುವ ಕಲಾವಿದರಿಗೆ ಮಾರ್ಗದರ್ಶನ ನೀಡಿದ್ದಾರೆ.

ಪ್ರಶಸ್ತಿ ಸ್ವೀಕರಿಸಿ ಮಾತನಾಡಿದ ಜೆ.ಜಾಯ್‌ಫುಲ್ ಜಯಶೇಖರ್, ಈ ಪ್ರಶಸ್ತಿ ನನ್ನ ಕಲಾ ಸೇವೆಗೆ ಮತ್ತಷ್ಟು ಸ್ಫೂರ್ತಿ ನೀಡಿದೆ. ಅಭ್ಯಾಸಿ ಟ್ರಸ್ಟ್ ಸಂಸ್ಥೆಗೆ ಕೃತಜ್ಞತೆ ಸಲ್ಲಿಸುತ್ತೇನೆ ಎಂದರು. ಕಾರ್ಯಕ್ರಮದಲ್ಲಿ ಟ್ರಸ್ಟ್ ಪದಾಧಿಕಾರಿಗಳು, ಕಲಾವಿದರು ಹಾಗೂ ಸಾರ್ವಜನಿಕರು ಉಪಸ್ಥಿತರಿದ್ದರು.
